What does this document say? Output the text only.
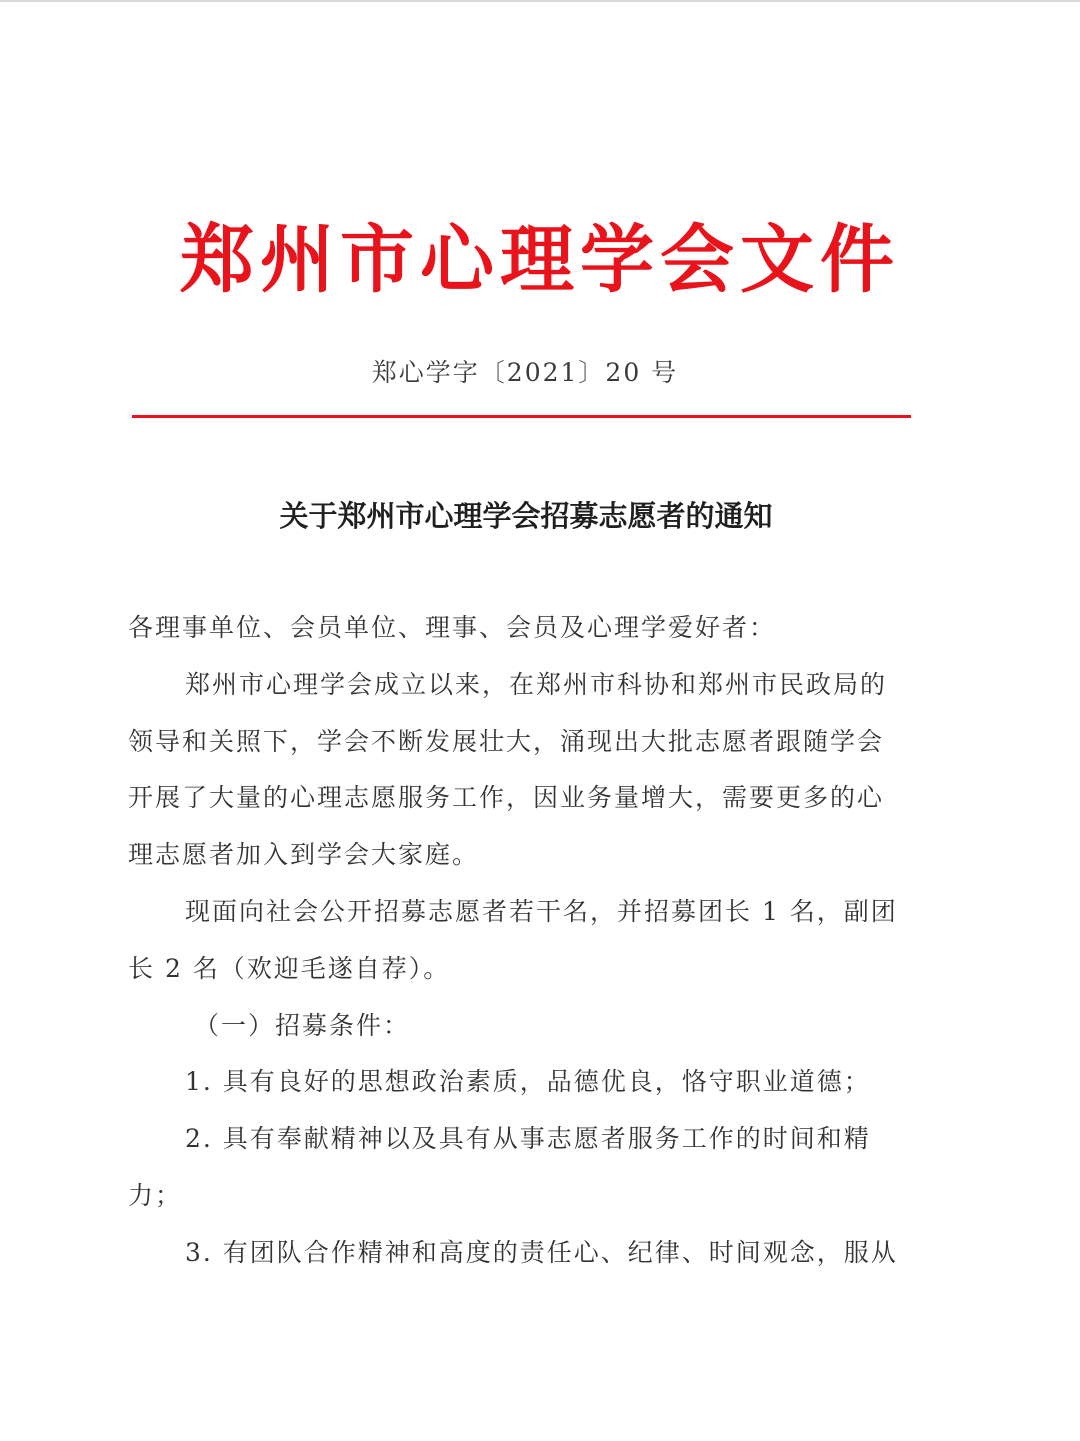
郑州市心理学会文件
郑心学字〔2021〕20 号
关于郑州市心理学会招募志愿者的通知
各理事单位、会员单位、理事、会员及心理学爱好者：
郑州市心理学会成立以来，在郑州市科协和郑州市民政局的
领导和关照下，学会不断发展壮大，涌现出大批志愿者跟随学会
开展了大量的心理志愿服务工作，因业务量增大，需要更多的心
理志愿者加入到学会大家庭。
现面向社会公开招募志愿者若干名，并招募团长 1 名，副团
长 2 名（欢迎毛遂自荐）。
（一）招募条件：
1. 具有良好的思想政治素质，品德优良，恪守职业道德；
2. 具有奉献精神以及具有从事志愿者服务工作的时间和精
力；
3. 有团队合作精神和高度的责任心、纪律、时间观念，服从
